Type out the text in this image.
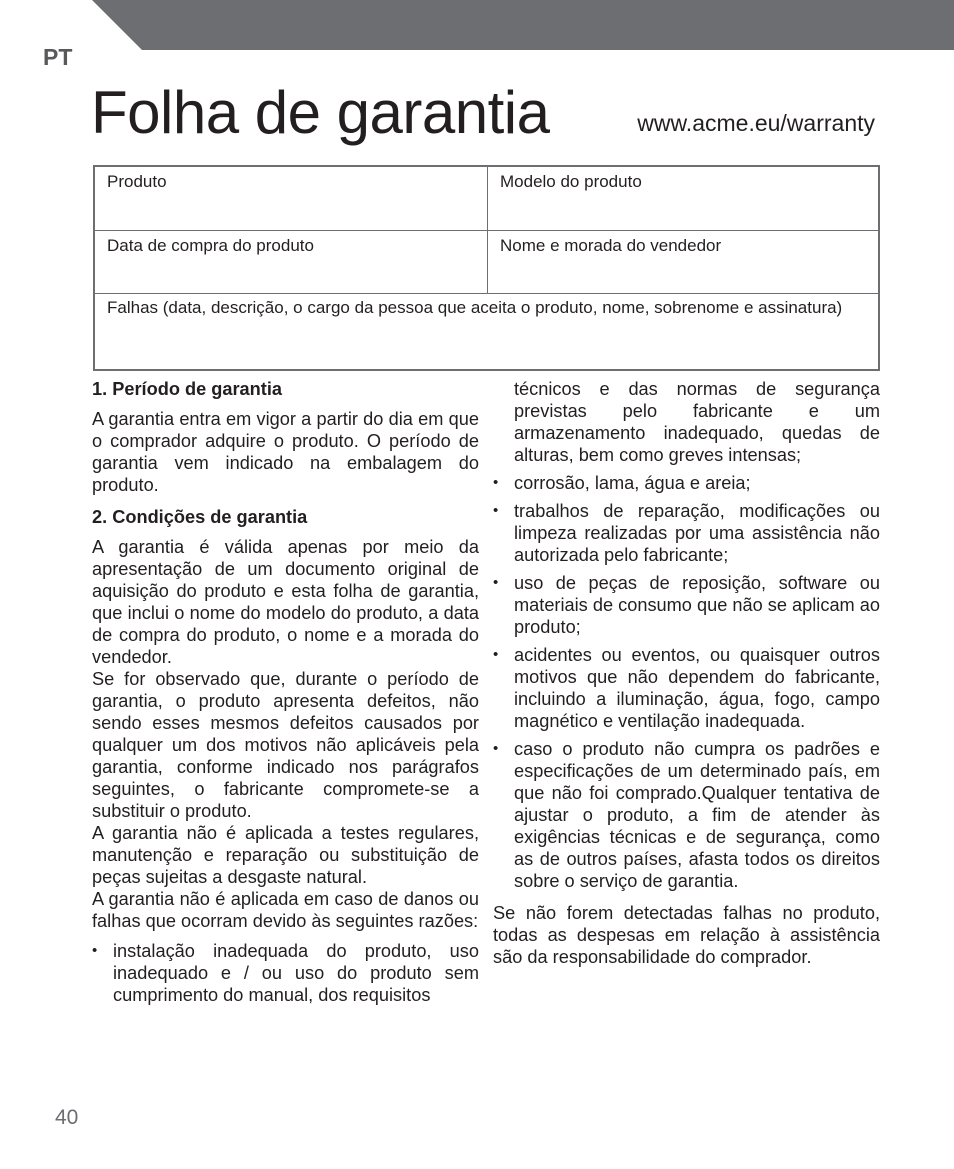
PT
Folha de garantia	www.acme.eu/warranty
Produto	Modelo do produto
Data de compra do produto	Nome e morada do vendedor
Falhas (data, descrição, o cargo da pessoa que aceita o produto, nome, sobrenome e assinatura)
1. Período de garantia

A garantia entra em vigor a partir do dia em que o comprador adquire o produto. O período de garantia vem indicado na embalagem do produto.

2. Condições de garantia

A garantia é válida apenas por meio da apresentação de um documento original de aquisição do produto e esta folha de garantia, que inclui o nome do modelo do produto, a data de compra do produto, o nome e a morada do vendedor.

Se for observado que, durante o período de garantia, o produto apresenta defeitos, não sendo esses mesmos defeitos causados por qualquer um dos motivos não aplicáveis pela garantia, conforme indicado nos parágrafos seguintes, o fabricante compromete-se a substituir o produto.

A garantia não é aplicada a testes regulares, manutenção e reparação ou substituição de peças sujeitas a desgaste natural.

A garantia não é aplicada em caso de danos ou falhas que ocorram devido às seguintes razões:

• instalação inadequada do produto, uso inadequado e / ou uso do produto sem cumprimento do manual, dos requisitos
técnicos e das normas de segurança previstas pelo fabricante e um armazenamento inadequado, quedas de alturas, bem como greves intensas;
• corrosão, lama, água e areia;
• trabalhos de reparação, modificações ou limpeza realizadas por uma assistência não autorizada pelo fabricante;
• uso de peças de reposição, software ou materiais de consumo que não se aplicam ao produto;
• acidentes ou eventos, ou quaisquer outros motivos que não dependem do fabricante, incluindo a iluminação, água, fogo, campo magnético e ventilação inadequada.
• caso o produto não cumpra os padrões e especificações de um determinado país, em que não foi comprado.Qualquer tentativa de ajustar o produto, a fim de atender às exigências técnicas e de segurança, como as de outros países, afasta todos os direitos sobre o serviço de garantia.

Se não forem detectadas falhas no produto, todas as despesas em relação à assistência são da responsabilidade do comprador.

40
